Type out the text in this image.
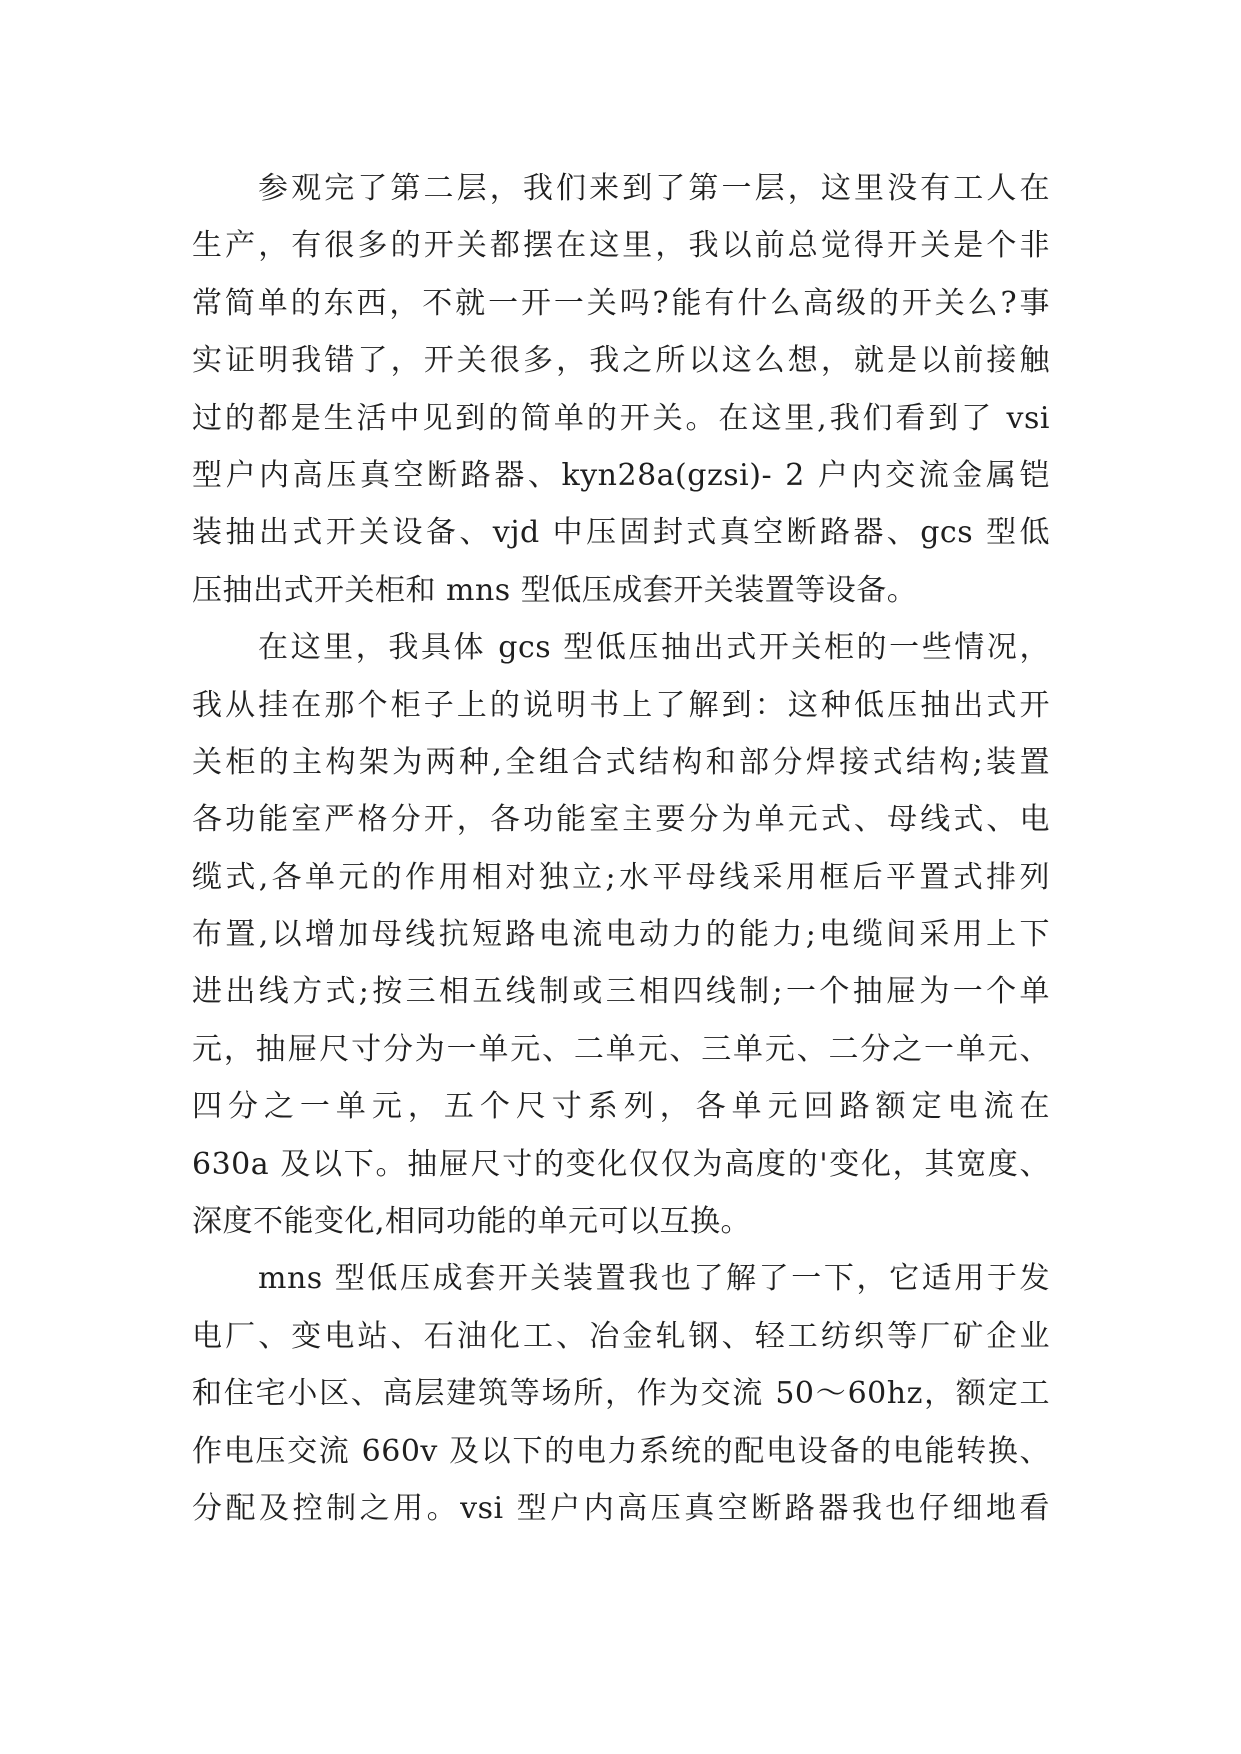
参观完了第二层，我们来到了第一层，这里没有工人在
生产，有很多的开关都摆在这里，我以前总觉得开关是个非
常简单的东西，不就一开一关吗?能有什么高级的开关么?事
实证明我错了，开关很多，我之所以这么想，就是以前接触
过的都是生活中见到的简单的开关。在这里,我们看到了 vsi
型户内高压真空断路器、kyn28a(gzsi)- 2 户内交流金属铠
装抽出式开关设备、vjd 中压固封式真空断路器、gcs 型低
压抽出式开关柜和 mns 型低压成套开关装置等设备。
在这里，我具体 gcs 型低压抽出式开关柜的一些情况，
我从挂在那个柜子上的说明书上了解到：这种低压抽出式开
关柜的主构架为两种,全组合式结构和部分焊接式结构;装置
各功能室严格分开，各功能室主要分为单元式、母线式、电
缆式,各单元的作用相对独立;水平母线采用框后平置式排列
布置,以增加母线抗短路电流电动力的能力;电缆间采用上下
进出线方式;按三相五线制或三相四线制;一个抽屉为一个单
元，抽屉尺寸分为一单元、二单元、三单元、二分之一单元、
四分之一单元，五个尺寸系列，各单元回路额定电流在
630a 及以下。抽屉尺寸的变化仅仅为高度的'变化，其宽度、
深度不能变化,相同功能的单元可以互换。
mns 型低压成套开关装置我也了解了一下，它适用于发
电厂、变电站、石油化工、冶金轧钢、轻工纺织等厂矿企业
和住宅小区、高层建筑等场所，作为交流 50～60hz，额定工
作电压交流 660v 及以下的电力系统的配电设备的电能转换、
分配及控制之用。vsi 型户内高压真空断路器我也仔细地看
